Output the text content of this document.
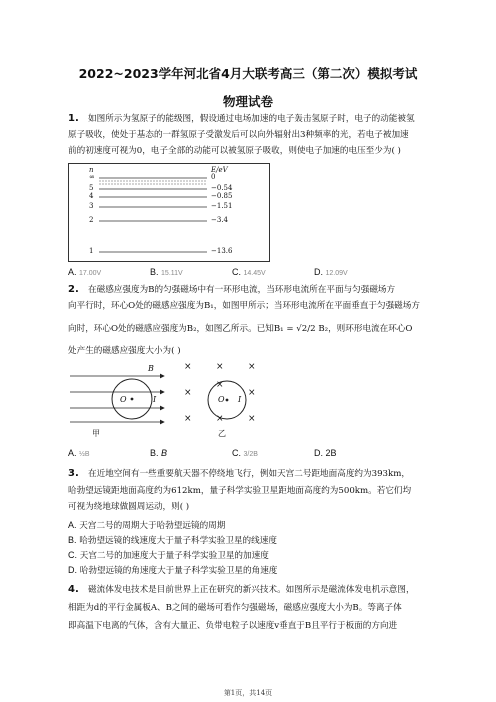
2022~2023学年河北省4月大联考高三（第二次）模拟考试
物理试卷
1. 如图所示为氢原子的能级图，假设通过电场加速的电子轰击氢原子时，电子的动能被氢
原子吸收，使处于基态的一群氢原子受激发后可以向外辐射出3种频率的光，若电子被加速
前的初速度可视为0，电子全部的动能可以被氢原子吸收，则使电子加速的电压至少为( )
n	E/eV
∞	0
5	−0.54
4	−0.85
3	−1.51
2	−3.4
1	−13.6
A. 17.00V	B. 15.11V	C. 14.45V	D. 12.09V
2. 在磁感应强度为B的匀强磁场中有一环形电流，当环形电流所在平面与匀强磁场方
向平行时，环心O处的磁感应强度为B₁，如图甲所示；当环形电流所在平面垂直于匀强磁场方
向时，环心O处的磁感应强度为B₂，如图乙所示。已知B₁ = √2/2 B₂，则环形电流在环心O
处产生的磁感应强度大小为( )
B
O	I
甲
×	×	×
×
×
×
×	×	×
O I
乙
A. ½B	B. B	C. 3/2B	D. 2B
3. 在近地空间有一些重要航天器不停绕地飞行，例如天宫二号距地面高度约为393km，
哈勃望远镜距地面高度约为612km，量子科学实验卫星距地面高度约为500km。若它们均
可视为绕地球做圆周运动，则( )
A. 天宫二号的周期大于哈勃望远镜的周期
B. 哈勃望远镜的线速度大于量子科学实验卫星的线速度
C. 天宫二号的加速度大于量子科学实验卫星的加速度
D. 哈勃望远镜的角速度大于量子科学实验卫星的角速度
4. 磁流体发电技术是目前世界上正在研究的新兴技术。如图所示是磁流体发电机示意图，
相距为d的平行金属板A、B之间的磁场可看作匀强磁场，磁感应强度大小为B。等离子体
即高温下电离的气体，含有大量正、负带电粒子以速度v垂直于B且平行于板面的方向进
第1页，共14页
